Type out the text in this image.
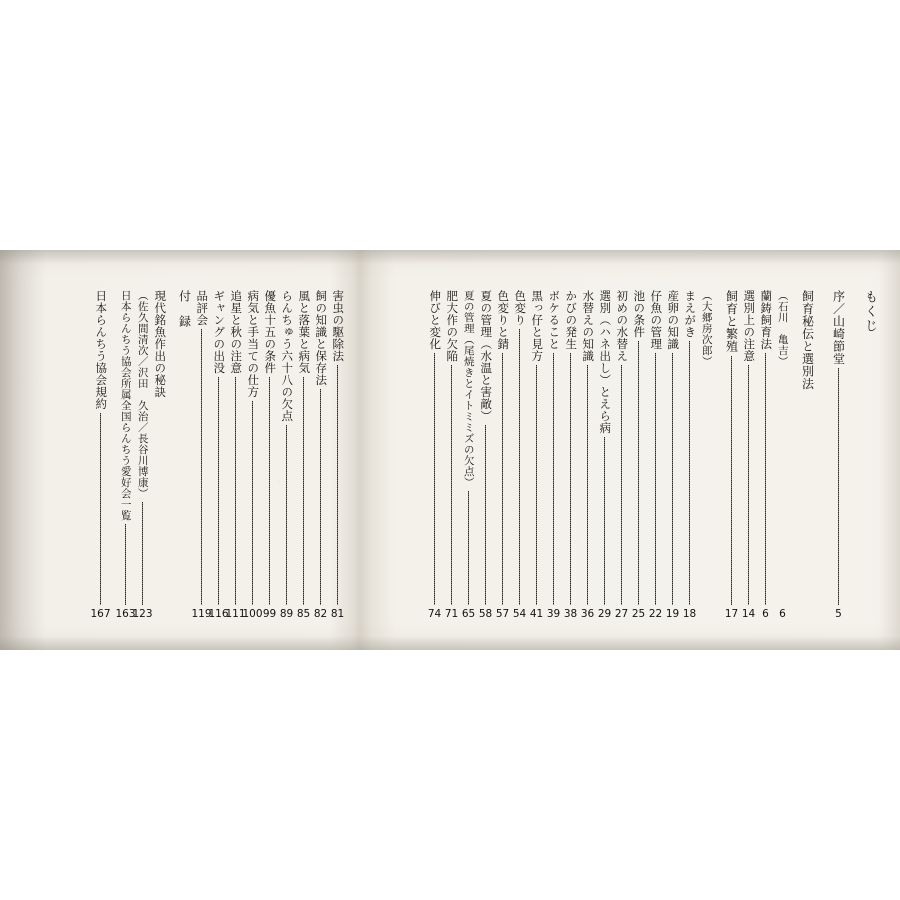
もくじ
序／山崎節堂
5
飼育秘伝と選別法
（石川　亀吉）
6
蘭鋳飼育法
6
選別上の注意
14
飼育と繁殖
17
（大郷房次郎）
まえがき
18
産卵の知識
19
仔魚の管理
22
池の条件
25
初めの水替え
27
選別（ハネ出し）とえら病
29
水替えの知識
36
かびの発生
38
ボケること
39
黒っ仔と見方
41
色変り
54
色変りと錆
57
夏の管理（水温と害敵）
58
夏の管理（尾焼きとイトミミズの欠点）
65
肥大作の欠陥
71
伸びと変化
74
害虫の駆除法
81
飼の知識と保存法
82
風と落葉と病気
85
らんちゅう六十八の欠点
89
優魚十五の条件
99
病気と手当ての仕方
100
追星と秋の注意
111
ギャングの出没
116
品評会
119
付　録
現代銘魚作出の秘訣
（佐久間清次／沢田　久治／長谷川博康）
123
日本らんちう協会所属全国らんちう愛好会一覧
163
日本らんちう協会規約
167
